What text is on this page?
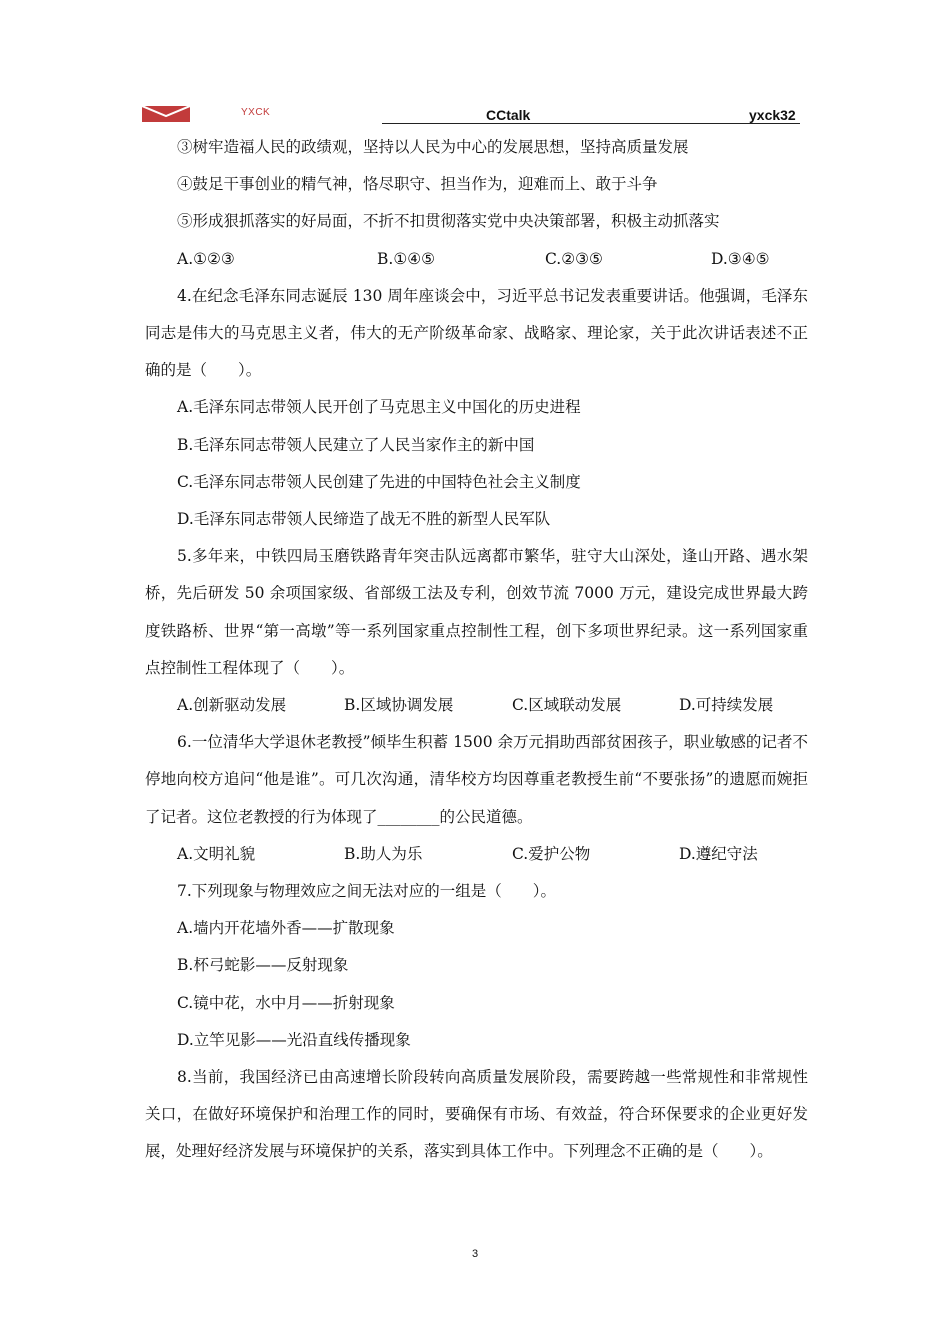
YXCK	CCtalk	yxck32

③树牢造福人民的政绩观，坚持以人民为中心的发展思想，坚持高质量发展

④鼓足干事创业的精气神，恪尽职守、担当作为，迎难而上、敢于斗争

⑤形成狠抓落实的好局面，不折不扣贯彻落实党中央决策部署，积极主动抓落实

A.①②③	B.①④⑤	C.②③⑤	D.③④⑤

4.在纪念毛泽东同志诞辰 130 周年座谈会中，习近平总书记发表重要讲话。他强调，毛泽东同志是伟大的马克思主义者，伟大的无产阶级革命家、战略家、理论家，关于此次讲话表述不正确的是（　　）。

A.毛泽东同志带领人民开创了马克思主义中国化的历史进程

B.毛泽东同志带领人民建立了人民当家作主的新中国

C.毛泽东同志带领人民创建了先进的中国特色社会主义制度

D.毛泽东同志带领人民缔造了战无不胜的新型人民军队

5.多年来，中铁四局玉磨铁路青年突击队远离都市繁华，驻守大山深处，逢山开路、遇水架桥，先后研发 50 余项国家级、省部级工法及专利，创效节流 7000 万元，建设完成世界最大跨度铁路桥、世界“第一高墩”等一系列国家重点控制性工程，创下多项世界纪录。这一系列国家重点控制性工程体现了（　　）。

A.创新驱动发展	B.区域协调发展	C.区域联动发展	D.可持续发展

6.一位清华大学退休老教授”倾毕生积蓄 1500 余万元捐助西部贫困孩子，职业敏感的记者不停地向校方追问“他是谁”。可几次沟通，清华校方均因尊重老教授生前“不要张扬”的遗愿而婉拒了记者。这位老教授的行为体现了________的公民道德。

A.文明礼貌	B.助人为乐	C.爱护公物	D.遵纪守法

7.下列现象与物理效应之间无法对应的一组是（　　）。

A.墙内开花墙外香——扩散现象

B.杯弓蛇影——反射现象

C.镜中花，水中月——折射现象

D.立竿见影——光沿直线传播现象

8.当前，我国经济已由高速增长阶段转向高质量发展阶段，需要跨越一些常规性和非常规性关口，在做好环境保护和治理工作的同时，要确保有市场、有效益，符合环保要求的企业更好发展，处理好经济发展与环境保护的关系，落实到具体工作中。下列理念不正确的是（　　）。

3
